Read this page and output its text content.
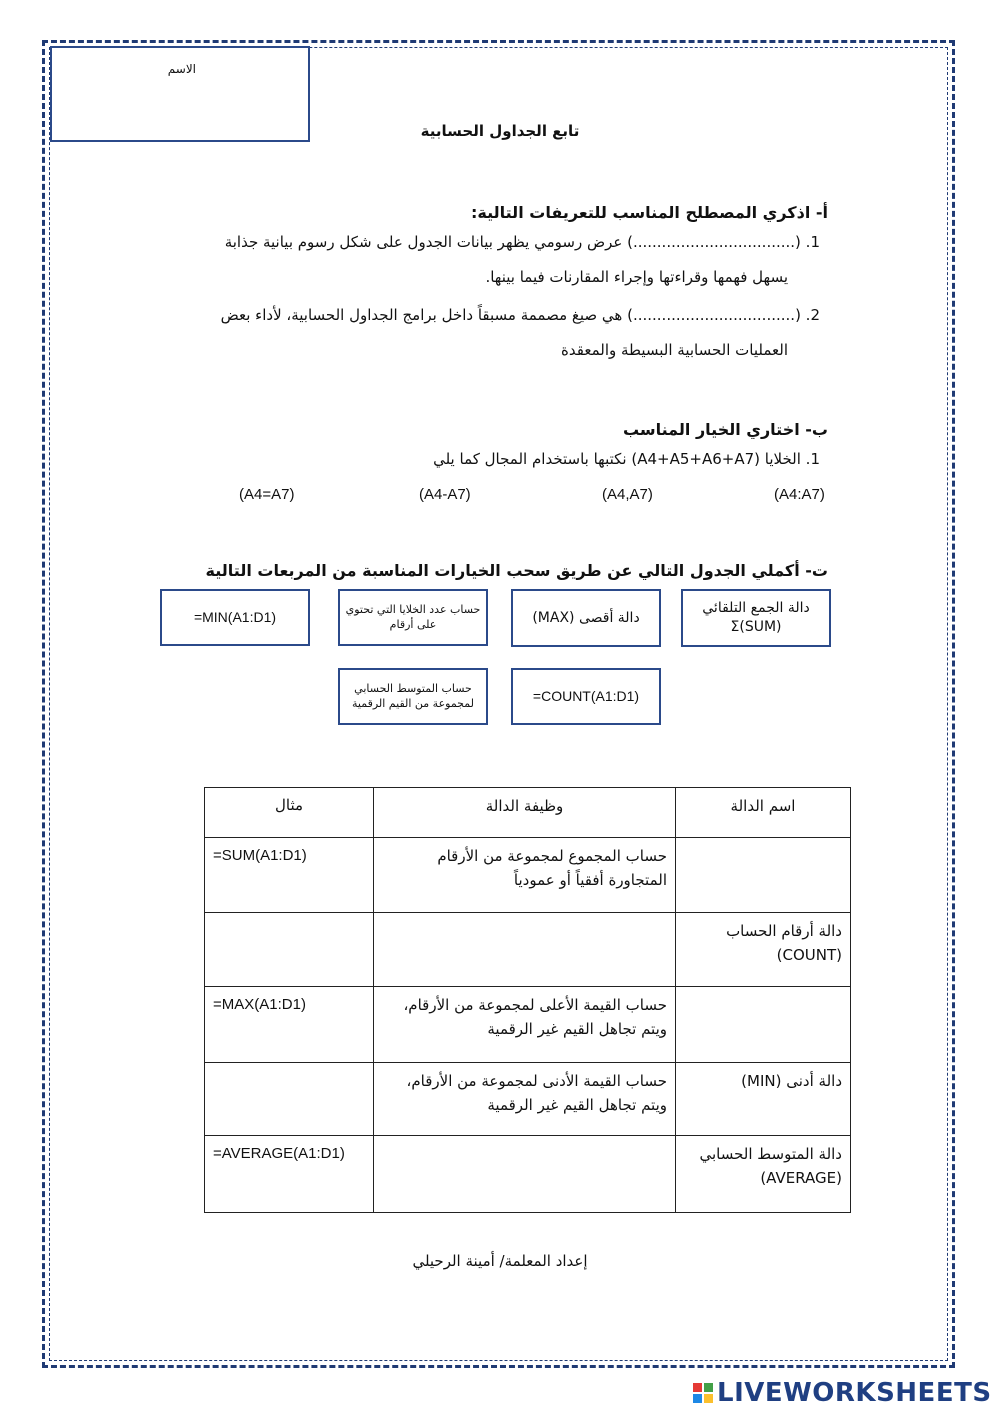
الاسم
تابع الجداول الحسابية
أ- اذكري المصطلح المناسب للتعريفات التالية:
1. (..................................) عرض رسومي يظهر بيانات الجدول على شكل رسوم بيانية جذابة
يسهل فهمها وقراءتها وإجراء المقارنات فيما بينها.
2. (..................................) هي صيغ مصممة مسبقاً داخل برامج الجداول الحسابية، لأداء بعض
العمليات الحسابية البسيطة والمعقدة
ب- اختاري الخيار المناسب
1. الخلايا (A4+A5+A6+A7) نكتبها باستخدام المجال كما يلي
(A4:A7)
(A4,A7)
(A4-A7)
(A4=A7)
ت- أكملي الجدول التالي عن طريق سحب الخيارات المناسبة من المربعات التالية
دالة الجمع التلقائي (SUM)Σ
دالة أقصى (MAX)
حساب عدد الخلايا التي تحتوي على أرقام
=MIN(A1:D1)
=COUNT(A1:D1)
حساب المتوسط الحسابي لمجموعة من القيم الرقمية
مثال	وظيفة الدالة	اسم الدالة
=SUM(A1:D1)	حساب المجموع لمجموعة من الأرقام المتجاورة أفقياً أو عمودياً	
		دالة أرقام الحساب (COUNT)
=MAX(A1:D1)	حساب القيمة الأعلى لمجموعة من الأرقام، ويتم تجاهل القيم غير الرقمية	
	حساب القيمة الأدنى لمجموعة من الأرقام، ويتم تجاهل القيم غير الرقمية	دالة أدنى (MIN)
=AVERAGE(A1:D1)		دالة المتوسط الحسابي (AVERAGE)
إعداد المعلمة/ أمينة الرحيلي
LIVEWORKSHEETS
